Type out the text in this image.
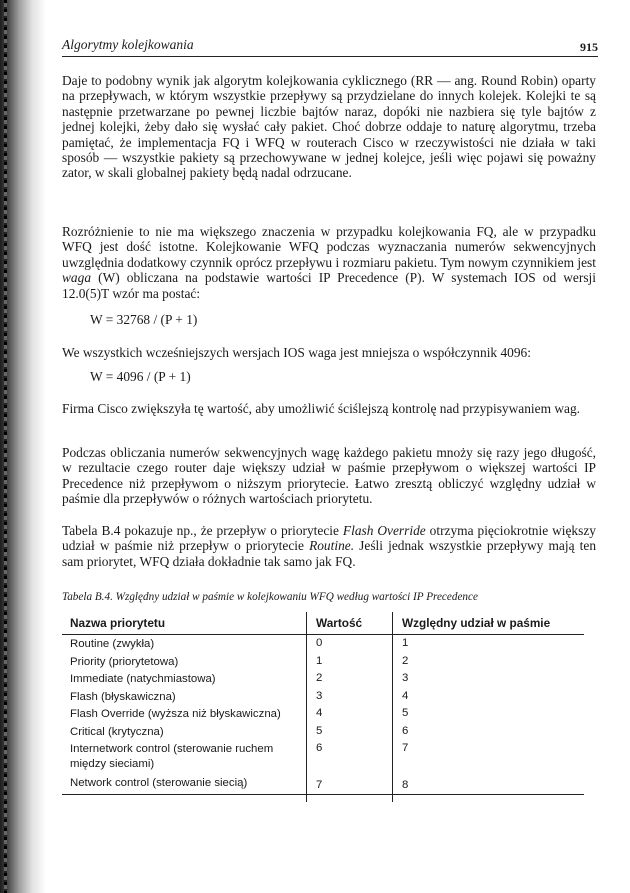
Algorytmy kolejkowania	915

Daje to podobny wynik jak algorytm kolejkowania cyklicznego (RR — ang. Round Robin) oparty na przepływach, w którym wszystkie przepływy są przydzielane do innych kolejek. Kolejki te są następnie przetwarzane po pewnej liczbie bajtów naraz, dopóki nie nazbiera się tyle bajtów z jednej kolejki, żeby dało się wysłać cały pakiet. Choć dobrze oddaje to naturę algorytmu, trzeba pamiętać, że implementacja FQ i WFQ w routerach Cisco w rzeczywistości nie działa w taki sposób — wszystkie pakiety są przechowywane w jednej kolejce, jeśli więc pojawi się poważny zator, w skali globalnej pakiety będą nadal odrzucane.

Rozróżnienie to nie ma większego znaczenia w przypadku kolejkowania FQ, ale w przypadku WFQ jest dość istotne. Kolejkowanie WFQ podczas wyznaczania numerów sekwencyjnych uwzględnia dodatkowy czynnik oprócz przepływu i rozmiaru pakietu. Tym nowym czynnikiem jest waga (W) obliczana na podstawie wartości IP Precedence (P). W systemach IOS od wersji 12.0(5)T wzór ma postać:

W = 32768 / (P + 1)

We wszystkich wcześniejszych wersjach IOS waga jest mniejsza o współczynnik 4096:

W = 4096 / (P + 1)

Firma Cisco zwiększyła tę wartość, aby umożliwić ściślejszą kontrolę nad przypisywaniem wag.

Podczas obliczania numerów sekwencyjnych wagę każdego pakietu mnoży się razy jego długość, w rezultacie czego router daje większy udział w paśmie przepływom o większej wartości IP Precedence niż przepływom o niższym priorytecie. Łatwo zresztą obliczyć względny udział w paśmie dla przepływów o różnych wartościach priorytetu.

Tabela B.4 pokazuje np., że przepływ o priorytecie Flash Override otrzyma pięciokrotnie większy udział w paśmie niż przepływ o priorytecie Routine. Jeśli jednak wszystkie przepływy mają ten sam priorytet, WFQ działa dokładnie tak samo jak FQ.

Tabela B.4. Względny udział w paśmie w kolejkowaniu WFQ według wartości IP Precedence

Nazwa priorytetu	Wartość	Względny udział w paśmie
Routine (zwykła)	0	1
Priority (priorytetowa)	1	2
Immediate (natychmiastowa)	2	3
Flash (błyskawiczna)	3	4
Flash Override (wyższa niż błyskawiczna)	4	5
Critical (krytyczna)	5	6
Internetwork control (sterowanie ruchem między sieciami)
6	7
Network control (sterowanie siecią)	7	8
